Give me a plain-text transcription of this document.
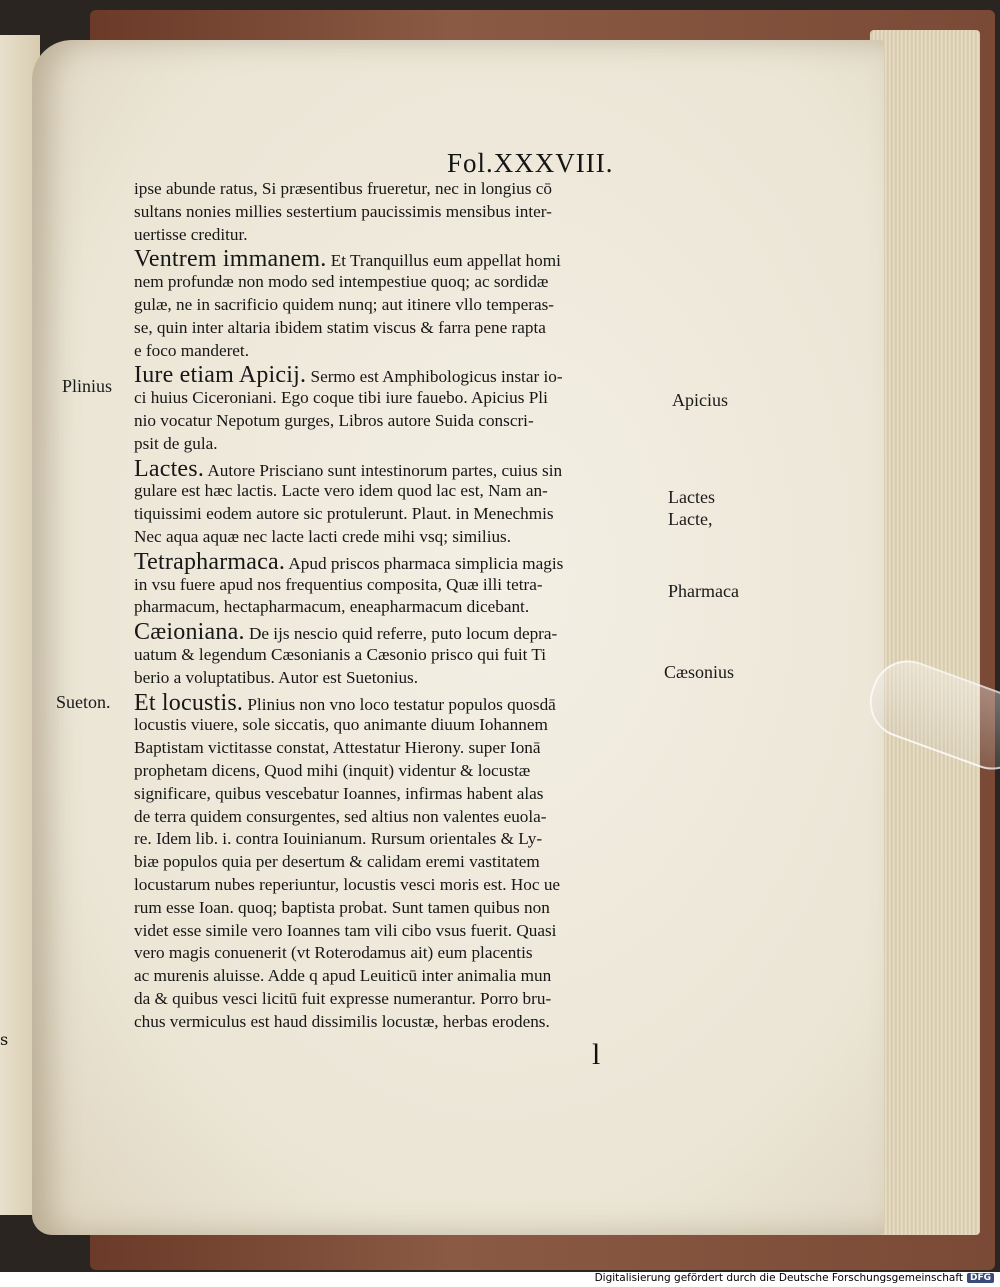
Fol.XXXVIII.
ipse abunde ratus, Si præsentibus frueretur, nec in longius cō
sultans nonies millies sestertium paucissimis mensibus inter-
uertisse creditur.
Ventrem immanem. Et Tranquillus eum appellat homi
nem profundæ non modo sed intempestiue quoq; ac sordidæ
gulæ, ne in sacrificio quidem nunq; aut itinere vllo temperas-
se, quin inter altaria ibidem statim viscus & farra pene rapta
e foco manderet.
Iure etiam Apicij. Sermo est Amphibologicus instar io-
ci huius Ciceroniani. Ego coque tibi iure fauebo. Apicius Pli
nio vocatur Nepotum gurges, Libros autore Suida conscri-
psit de gula.
Lactes. Autore Prisciano sunt intestinorum partes, cuius sin
gulare est hæc lactis. Lacte vero idem quod lac est, Nam an-
tiquissimi eodem autore sic protulerunt. Plaut. in Menechmis
Nec aqua aquæ nec lacte lacti crede mihi vsq; similius.
Tetrapharmaca. Apud priscos pharmaca simplicia magis
in vsu fuere apud nos frequentius composita, Quæ illi tetra-
pharmacum, hectapharmacum, eneapharmacum dicebant.
Cæioniana. De ijs nescio quid referre, puto locum depra-
uatum & legendum Cæsonianis a Cæsonio prisco qui fuit Ti
berio a voluptatibus. Autor est Suetonius.
Et locustis. Plinius non vno loco testatur populos quosdā
locustis viuere, sole siccatis, quo animante diuum Iohannem
Baptistam victitasse constat, Attestatur Hierony. super Ionā
prophetam dicens, Quod mihi (inquit) videntur & locustæ
significare, quibus vescebatur Ioannes, infirmas habent alas
de terra quidem consurgentes, sed altius non valentes euola-
re. Idem lib. i. contra Iouinianum. Rursum orientales & Ly-
biæ populos quia per desertum & calidam eremi vastitatem
locustarum nubes reperiuntur, locustis vesci moris est. Hoc ue
rum esse Ioan. quoq; baptista probat. Sunt tamen quibus non
videt esse simile vero Ioannes tam vili cibo vsus fuerit. Quasi
vero magis conuenerit (vt Roterodamus ait) eum placentis
ac murenis aluisse. Adde q apud Leuiticū inter animalia mun
da & quibus vesci licitū fuit expresse numerantur. Porro bru-
chus vermiculus est haud dissimilis locustæ, herbas erodens.
l
Plinius
Sueton.
Apicius
Lactes
Lacte,
Pharmaca
Cæsonius
s
Digitalisierung gefördert durch die Deutsche Forschungsgemeinschaft DFG
